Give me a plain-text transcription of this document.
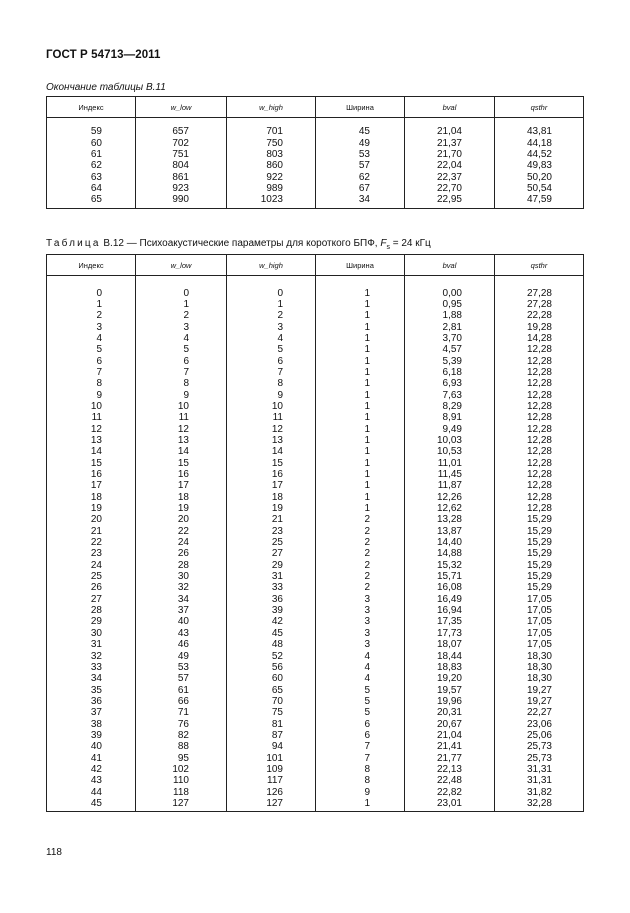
ГОСТ Р 54713—2011
Окончание таблицы В.11
Индекс	w_low	w_high	Ширина	bval	qsthr

59	657	701	45	21,04	43,81
60	702	750	49	21,37	44,18
61	751	803	53	21,70	44,52
62	804	860	57	22,04	49,83
63	861	922	62	22,37	50,20
64	923	989	67	22,70	50,54
65	990	1023	34	22,95	47,59
Таблица В.12 — Психоакустические параметры для короткого БПФ, $F_s = 24$ кГц
Индекс	w_low	w_high	Ширина	bval	qsthr

0	0	0	1	0,00	27,28
1	1	1	1	0,95	27,28
2	2	2	1	1,88	22,28
3	3	3	1	2,81	19,28
4	4	4	1	3,70	14,28
5	5	5	1	4,57	12,28
6	6	6	1	5,39	12,28
7	7	7	1	6,18	12,28
8	8	8	1	6,93	12,28
9	9	9	1	7,63	12,28
10	10	10	1	8,29	12,28
11	11	11	1	8,91	12,28
12	12	12	1	9,49	12,28
13	13	13	1	10,03	12,28
14	14	14	1	10,53	12,28
15	15	15	1	11,01	12,28
16	16	16	1	11,45	12,28
17	17	17	1	11,87	12,28
18	18	18	1	12,26	12,28
19	19	19	1	12,62	12,28
20	20	21	2	13,28	15,29
21	22	23	2	13,87	15,29
22	24	25	2	14,40	15,29
23	26	27	2	14,88	15,29
24	28	29	2	15,32	15,29
25	30	31	2	15,71	15,29
26	32	33	2	16,08	15,29
27	34	36	3	16,49	17,05
28	37	39	3	16,94	17,05
29	40	42	3	17,35	17,05
30	43	45	3	17,73	17,05
31	46	48	3	18,07	17,05
32	49	52	4	18,44	18,30
33	53	56	4	18,83	18,30
34	57	60	4	19,20	18,30
35	61	65	5	19,57	19,27
36	66	70	5	19,96	19,27
37	71	75	5	20,31	22,27
38	76	81	6	20,67	23,06
39	82	87	6	21,04	25,06
40	88	94	7	21,41	25,73
41	95	101	7	21,77	25,73
42	102	109	8	22,13	31,31
43	110	117	8	22,48	31,31
44	118	126	9	22,82	31,82
45	127	127	1	23,01	32,28
118
